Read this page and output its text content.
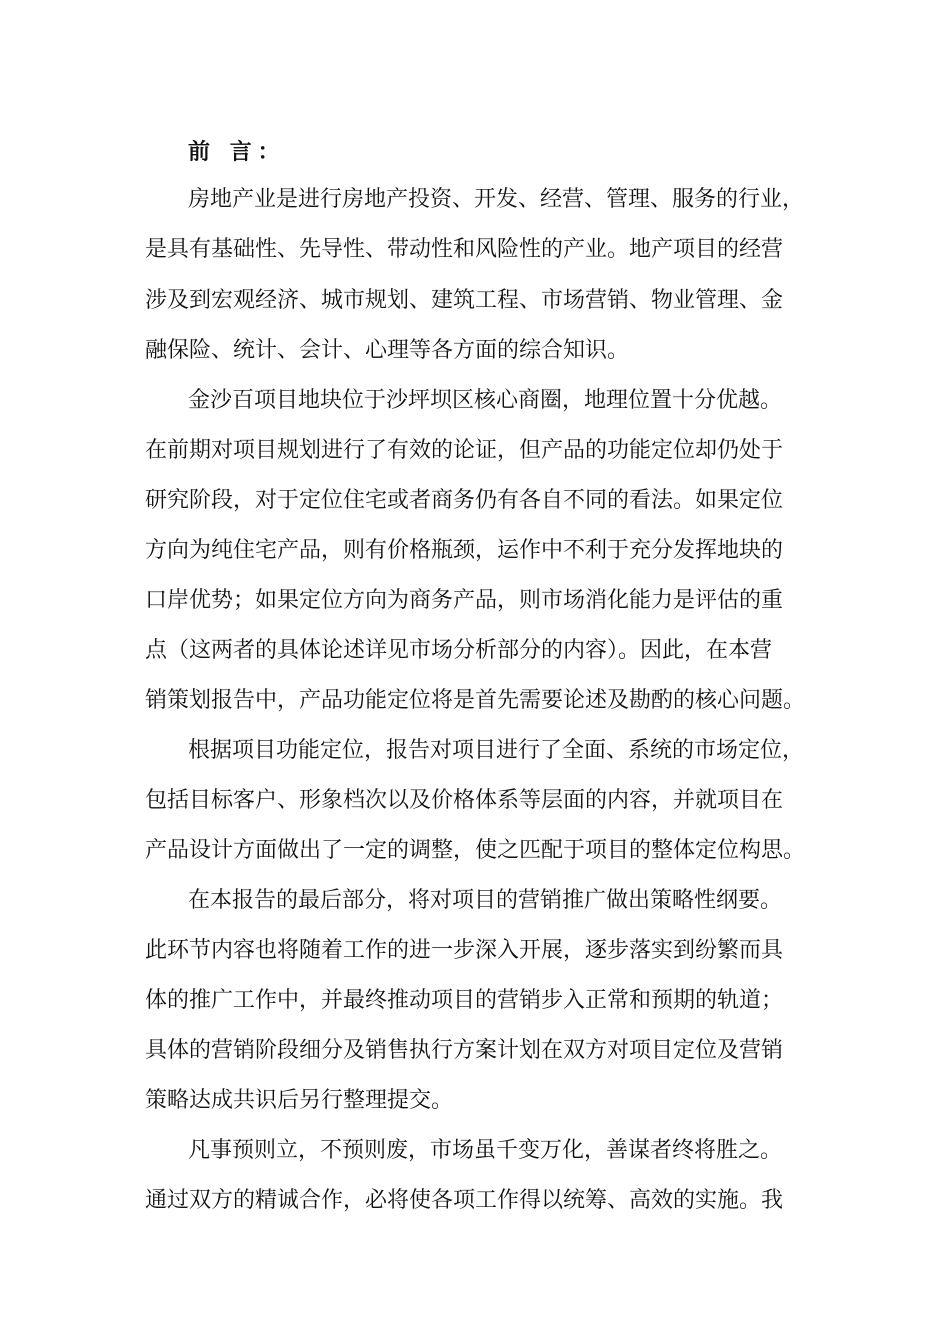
前 言：
房地产业是进行房地产投资、开发、经营、管理、服务的行业，
是具有基础性、先导性、带动性和风险性的产业。地产项目的经营
涉及到宏观经济、城市规划、建筑工程、市场营销、物业管理、金
融保险、统计、会计、心理等各方面的综合知识。
金沙百项目地块位于沙坪坝区核心商圈，地理位置十分优越。
在前期对项目规划进行了有效的论证，但产品的功能定位却仍处于
研究阶段，对于定位住宅或者商务仍有各自不同的看法。如果定位
方向为纯住宅产品，则有价格瓶颈，运作中不利于充分发挥地块的
口岸优势；如果定位方向为商务产品，则市场消化能力是评估的重
点（这两者的具体论述详见市场分析部分的内容）。因此，在本营
销策划报告中，产品功能定位将是首先需要论述及勘酌的核心问题。
根据项目功能定位，报告对项目进行了全面、系统的市场定位，
包括目标客户、形象档次以及价格体系等层面的内容，并就项目在
产品设计方面做出了一定的调整，使之匹配于项目的整体定位构思。
在本报告的最后部分，将对项目的营销推广做出策略性纲要。
此环节内容也将随着工作的进一步深入开展，逐步落实到纷繁而具
体的推广工作中，并最终推动项目的营销步入正常和预期的轨道；
具体的营销阶段细分及销售执行方案计划在双方对项目定位及营销
策略达成共识后另行整理提交。
凡事预则立，不预则废，市场虽千变万化，善谋者终将胜之。
通过双方的精诚合作，必将使各项工作得以统筹、高效的实施。我
